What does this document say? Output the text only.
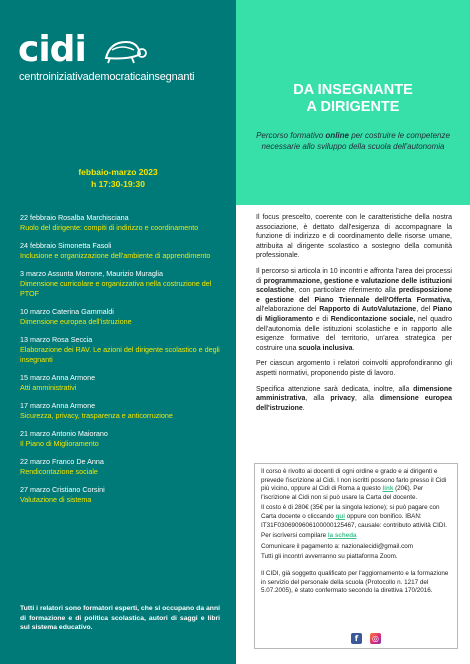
cidi
centroiniziativademocraticainsegnanti
febbaio-marzo 2023
h 17:30-19:30
22 febbraio Rosalba Marchisciana
Ruolo del dirigente: compiti di indirizzo e coordinamento
24 febbraio Simonetta Fasoli
Inclusione e organizzazione dell'ambiente di apprendimento
3 marzo Assunta Morrone, Maurizio Muraglia
Dimensione curricolare e organizzativa nella costruzione del PTOF
10 marzo Caterina Gammaldi
Dimensione europea dell'istruzione
13 marzo Rosa Seccia
Elaborazione dei RAV. Le azioni del dirigente scolastico e degli insegnanti
15 marzo Anna Armone
Atti amministrativi
17 marzo Anna Armone
Sicurezza, privacy, trasparenza e anticorruzione
21 marzo Antonio Maiorano
Il Piano di Miglioramento
22 marzo Franco De Anna
Rendicontazione sociale
27 marzo Cristiano Corsini
Valutazione di sistema
Tutti i relatori sono formatori esperti, che si occupano da anni di formazione e di politica scolastica, autori di saggi e libri sul sistema educativo.
DA INSEGNANTE
A DIRIGENTE
Percorso formativo online per costruire le competenze necessarie allo sviluppo della scuola dell'autonomia

Il focus prescelto, coerente con le caratteristiche della nostra associazione, è dettato dall'esigenza di accompagnare la funzione di indirizzo e di coordinamento delle risorse umane, attribuita al dirigente scolastico a sostegno della comunità professionale.

Il percorso si articola in 10 incontri e affronta l'area dei processi di programmazione, gestione e valutazione delle istituzioni scolastiche, con particolare riferimento alla predisposizione e gestione del Piano Triennale dell'Offerta Formativa, all'elaborazione del Rapporto di AutoValutazione, del Piano di Miglioramento e di Rendicontazione sociale, nel quadro dell'autonomia delle istituzioni scolastiche e in rapporto alle esigenze formative del territorio, un'area strategica per costruire una scuola inclusiva.

Per ciascun argomento i relatori coinvolti approfondiranno gli aspetti normativi, proponendo piste di lavoro.

Specifica attenzione sarà dedicata, inoltre, alla dimensione amministrativa, alla privacy, alla dimensione europea dell'istruzione.

Il corso è rivolto ai docenti di ogni ordine e grado e ai dirigenti e prevede l'iscrizione al Cidi. I non iscritti possono farlo presso il Cidi più vicino, oppure al Cidi di Roma a questo link (20€). Per l'iscrizione al Cidi non si può usare la Carta del docente.

Il costo è di 280€ (35€ per la singola lezione); si può pagare con Carta docente o cliccando qui oppure con bonifico. IBAN: IT31F0306909606100000125467, causale: contributo attività CIDI.

Per iscriversi compilare la scheda

Comunicare il pagamento a: nazionalecidi@gmail.com

Tutti gli incontri avverranno su piattaforma Zoom.

Il CIDI, già soggetto qualificato per l'aggiornamento e la formazione in servizio del personale della scuola (Protocollo n. 1217 del 5.07.2005), è stato confermato secondo la direttiva 170/2016.

f	◎
